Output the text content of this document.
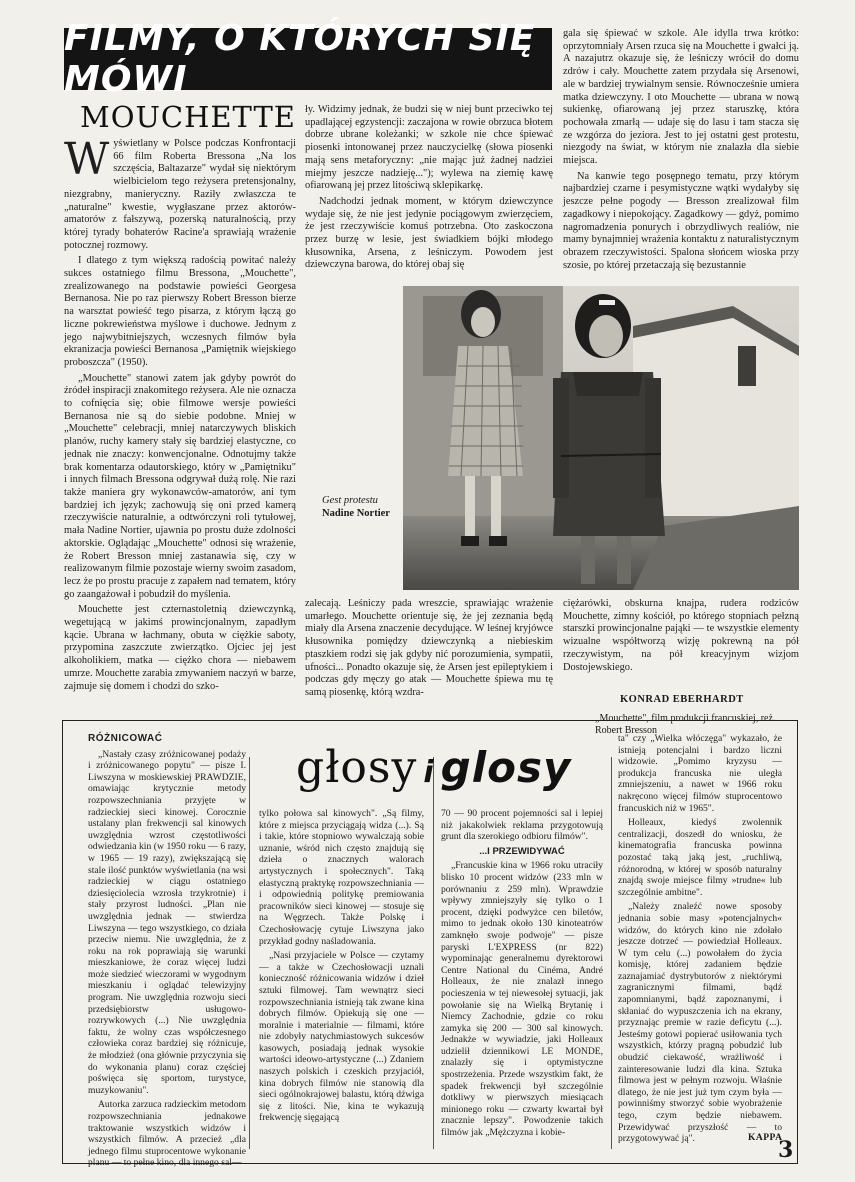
FILMY, O KTÓRYCH SIĘ MÓWI
MOUCHETTE
W yświetlany w Polsce podczas Konfrontacji 66 film Roberta Bressona „Na los szczęścia, Baltazarze" wydał się niektórym wielbicielom tego reżysera pretensjonalny, niezgrabny, manieryczny. Raziły zwłaszcza te „naturalne" kwestie, wygłaszane przez aktorów-amatorów z fałszywą, pozerską naturalnością, przy której tyrady bohaterów Racine'a sprawiają wrażenie potocznej rozmowy.

I dlatego z tym większą radością powitać należy sukces ostatniego filmu Bressona, „Mouchette", zrealizowanego na podstawie powieści Georgesa Bernanosa. Nie po raz pierwszy Robert Bresson bierze na warsztat powieść tego pisarza, z którym łączą go liczne pokrewieństwa myślowe i duchowe. Jednym z jego najwybitniejszych, wczesnych filmów była ekranizacja powieści Bernanosa „Pamiętnik wiejskiego proboszcza" (1950).

„Mouchette" stanowi zatem jak gdyby powrót do źródeł inspiracji znakomitego reżysera. Ale nie oznacza to cofnięcia się; obie filmowe wersje powieści Bernanosa nie są do siebie podobne. Mniej w „Mouchette" celebracji, mniej natarczywych bliskich planów, ruchy kamery stały się bardziej elastyczne, co jednak nie znaczy: konwencjonalne. Odnotujmy także brak komentarza odautorskiego, który w „Pamiętniku" i innych filmach Bressona odgrywał dużą rolę. Nie razi także maniera gry wykonawców-amatorów, ani tym bardziej ich język; zachowują się oni przed kamerą rzeczywiście naturalnie, a odtwórczyni roli tytułowej, mała Nadine Nortier, ujawnia po prostu duże zdolności aktorskie. Oglądając „Mouchette" odnosi się wrażenie, że Robert Bresson mniej zastanawia się, czy w realizowanym filmie pozostaje wierny swoim zasadom, lecz że po prostu pracuje z zapałem nad tematem, który go zaangażował i pobudził do myślenia.

Mouchette jest czternastoletnią dziewczynką, wegetującą w jakimś prowincjonalnym, zapadłym kącie. Ubrana w łachmany, obuta w ciężkie saboty, przypomina zaszczute zwierzątko. Ojciec jej jest alkoholikiem, matka — ciężko chora — niebawem umrze. Mouchette zarabia zmywaniem naczyń w barze, zajmuje się domem i chodzi do szko-

ły. Widzimy jednak, że budzi się w niej bunt przeciwko tej upadlającej egzystencji: zaczajona w rowie obrzuca błotem dobrze ubrane koleżanki; w szkole nie chce śpiewać piosenki intonowanej przez nauczycielkę (słowa piosenki mają sens metaforyczny: „nie mając już żadnej nadziei miejmy jeszcze nadzieję..."); wylewa na ziemię kawę ofiarowaną jej przez litościwą sklepikarkę.

Nadchodzi jednak moment, w którym dziewczynce wydaje się, że nie jest jedynie pociągowym zwierzęciem, że jest rzeczywiście komuś potrzebna. Oto zaskoczona przez burzę w lesie, jest świadkiem bójki młodego kłusownika, Arsena, z leśniczym. Powodem jest dziewczyna barowa, do której obaj się

gala się śpiewać w szkole. Ale idylla trwa krótko: oprzytomniały Arsen rzuca się na Mouchette i gwałci ją. A nazajutrz okazuje się, że leśniczy wrócił do domu zdrów i cały. Mouchette zatem przydała się Arsenowi, ale w bardziej trywialnym sensie. Równocześnie umiera matka dziewczyny. I oto Mouchette — ubrana w nową sukienkę, ofiarowaną jej przez staruszkę, która pochowała zmarłą — udaje się do lasu i tam stacza się ze wzgórza do jeziora. Jest to jej ostatni gest protestu, niezgody na świat, w którym nie znalazła dla siebie miejsca.

Na kanwie tego posępnego tematu, przy którym najbardziej czarne i pesymistyczne wątki wydałyby się jeszcze pełne pogody — Bresson zrealizował film zagadkowy i niepokojący. Zagadkowy — gdyż, pomimo nagromadzenia ponurych i obrzydliwych realiów, nie mamy bynajmniej wrażenia kontaktu z naturalistycznym obrazem rzeczywistości. Spalona słońcem wioska przy szosie, po której przetaczają się bezustannie

Gest protestu
Nadine Nortier

zalecają. Leśniczy pada wreszcie, sprawiając wrażenie umarłego. Mouchette orientuje się, że jej zeznania będą miały dla Arsena znaczenie decydujące. W leśnej kryjówce kłusownika pomiędzy dziewczynką a niebieskim ptaszkiem rodzi się jak gdyby nić porozumienia, sympatii, ufności... Ponadto okazuje się, że Arsen jest epileptykiem i podczas gdy męczy go atak — Mouchette śpiewa mu tę samą piosenkę, którą wzdra-

ciężarówki, obskurna knajpa, rudera rodziców Mouchette, zimny kościół, po którego stopniach pełzną starszki prowincjonalne pająki — te wszystkie elementy wizualne współtworzą wizję pokrewną na pół rzeczywistym, na pół kreacyjnym wizjom Dostojewskiego.

KONRAD EBERHARDT
„Mouchette", film produkcji francuskiej, reż. Robert Bresson
głosy i glosy
RÓŻNICOWAĆ

„Nastały czasy zróżnicowanej podaży i zróżnicowanego popytu" — pisze I. Liwszyna w moskiewskiej PRAWDZIE, omawiając krytycznie metody rozpowszechniania przyjęte w radzieckiej sieci kinowej. Corocznie ustalany plan frekwencji sal kinowych uwzględnia wzrost częstotliwości odwiedzania kin (w 1950 roku — 6 razy, w 1965 — 19 razy), zwiększającą się stale ilość punktów wyświetlania (na wsi radzieckiej w ciągu ostatniego dziesięciolecia wzrosła trzykrotnie) i stały przyrost ludności. „Plan nie uwzględnia jednak — stwierdza Liwszyna — tego wszystkiego, co działa przeciw niemu. Nie uwzględnia, że z roku na rok poprawiają się warunki mieszkaniowe, że coraz więcej ludzi może siedzieć wieczorami w wygodnym mieszkaniu i oglądać telewizyjny program. Nie uwzględnia rozwoju sieci przedsiębiorstw usługowo-rozrywkowych (...) Nie uwzględnia faktu, że wolny czas współczesnego człowieka coraz bardziej się różnicuje, że młodzież (ona głównie przyczynia się do wykonania planu) coraz częściej poświęca się sportom, turystyce, muzykowaniu".

Autorka zarzuca radzieckim metodom rozpowszechniania jednakowe traktowanie wszystkich widzów i wszystkich filmów. A przecież „dla jednego filmu stuprocentowe wykonanie planu — to pełne kino, dla innego sal—

tylko połowa sal kinowych". „Są filmy, które z miejsca przyciągają widza (...). Są i takie, które stopniowo wywalczają sobie uznanie, wśród nich często znajdują się dzieła o znacznych walorach artystycznych i społecznych". Taką elastyczną praktykę rozpowszechniania — i odpowiednią politykę premiowania pracowników sieci kinowej — stosuje się na Węgrzech. Także Polskę i Czechosłowację cytuje Liwszyna jako przykład godny naśladowania.

„Nasi przyjaciele w Polsce — czytamy — a także w Czechosłowacji uznali konieczność różnicowania widzów i dzieł sztuki filmowej. Tam wewnątrz sieci rozpowszechniania istnieją tak zwane kina dobrych filmów. Opiekują się one — moralnie i materialnie — filmami, które nie zdobyły natychmiastowych sukcesów kasowych, posiadają jednak wysokie wartości ideowo-artystyczne (...) Zdaniem naszych polskich i czeskich przyjaciół, kina dobrych filmów nie stanowią dla sieci ogólnokrajowej balastu, którą dźwiga się z litości. Nie, kina te wykazują frekwencję sięgającą

70 — 90 procent pojemności sal i lepiej niż jakakolwiek reklama przygotowują grunt dla szerokiego odbioru filmów".

...I PRZEWIDYWAĆ

„Francuskie kina w 1966 roku utraciły blisko 10 procent widzów (233 mln w porównaniu z 259 mln). Wprawdzie wpływy zmniejszyły się tylko o 1 procent, dzięki podwyżce cen biletów, mimo to jednak około 130 kinoteatrów zamknęło swoje podwoje" — pisze paryski L'EXPRESS (nr 822) wypominając generalnemu dyrektorowi Centre National du Cinéma, André Holleaux, że nie znalazł innego pocieszenia w tej niewesołej sytuacji, jak powołanie się na Wielką Brytanię i Niemcy Zachodnie, gdzie co roku zamyka się 200 — 300 sal kinowych. Jednakże w wywiadzie, jaki Holleaux udzielił dziennikowi LE MONDE, znalazły się i optymistyczne spostrzeżenia. Przede wszystkim fakt, że spadek frekwencji był szczególnie dotkliwy w pierwszych miesiącach minionego roku — czwarty kwartał był znacznie lepszy". Powodzenie takich filmów jak „Mężczyzna i kobie-

ta" czy „Wielka włóczęga" wykazało, że istnieją potencjalni i bardzo liczni widzowie. „Pomimo kryzysu — produkcja francuska nie uległa zmniejszeniu, a nawet w 1966 roku nakręcono więcej filmów stuprocentowo francuskich niż w 1965".

Holleaux, kiedyś zwolennik centralizacji, doszedł do wniosku, że kinematografia francuska powinna pozostać taką jaką jest, „ruchliwą, różnorodną, w której w sposób naturalny znajdą swoje miejsce filmy »trudne« lub szczególnie ambitne".

„Należy znaleźć nowe sposoby jednania sobie masy »potencjalnych« widzów, do których kino nie zdołało jeszcze dotrzeć — powiedział Holleaux. W tym celu (...) powołałem do życia komisję, której zadaniem będzie zaznajamiać dystrybutorów z niektórymi zagranicznymi filmami, bądź zapomnianymi, bądź zapoznanymi, i skłaniać do wypuszczenia ich na ekrany, przyznając premie w razie deficytu (...). Jesteśmy gotowi popierać usiłowania tych wszystkich, którzy pragną pobudzić lub obudzić ciekawość, wrażliwość i zainteresowanie ludzi dla kina. Sztuka filmowa jest w pełnym rozwoju. Właśnie dlatego, że nie jest już tym czym była — powinniśmy stworzyć sobie wyobrażenie tego, czym będzie niebawem. Przewidywać przyszłość — to przygotowywać ją".	KAPPA
3
